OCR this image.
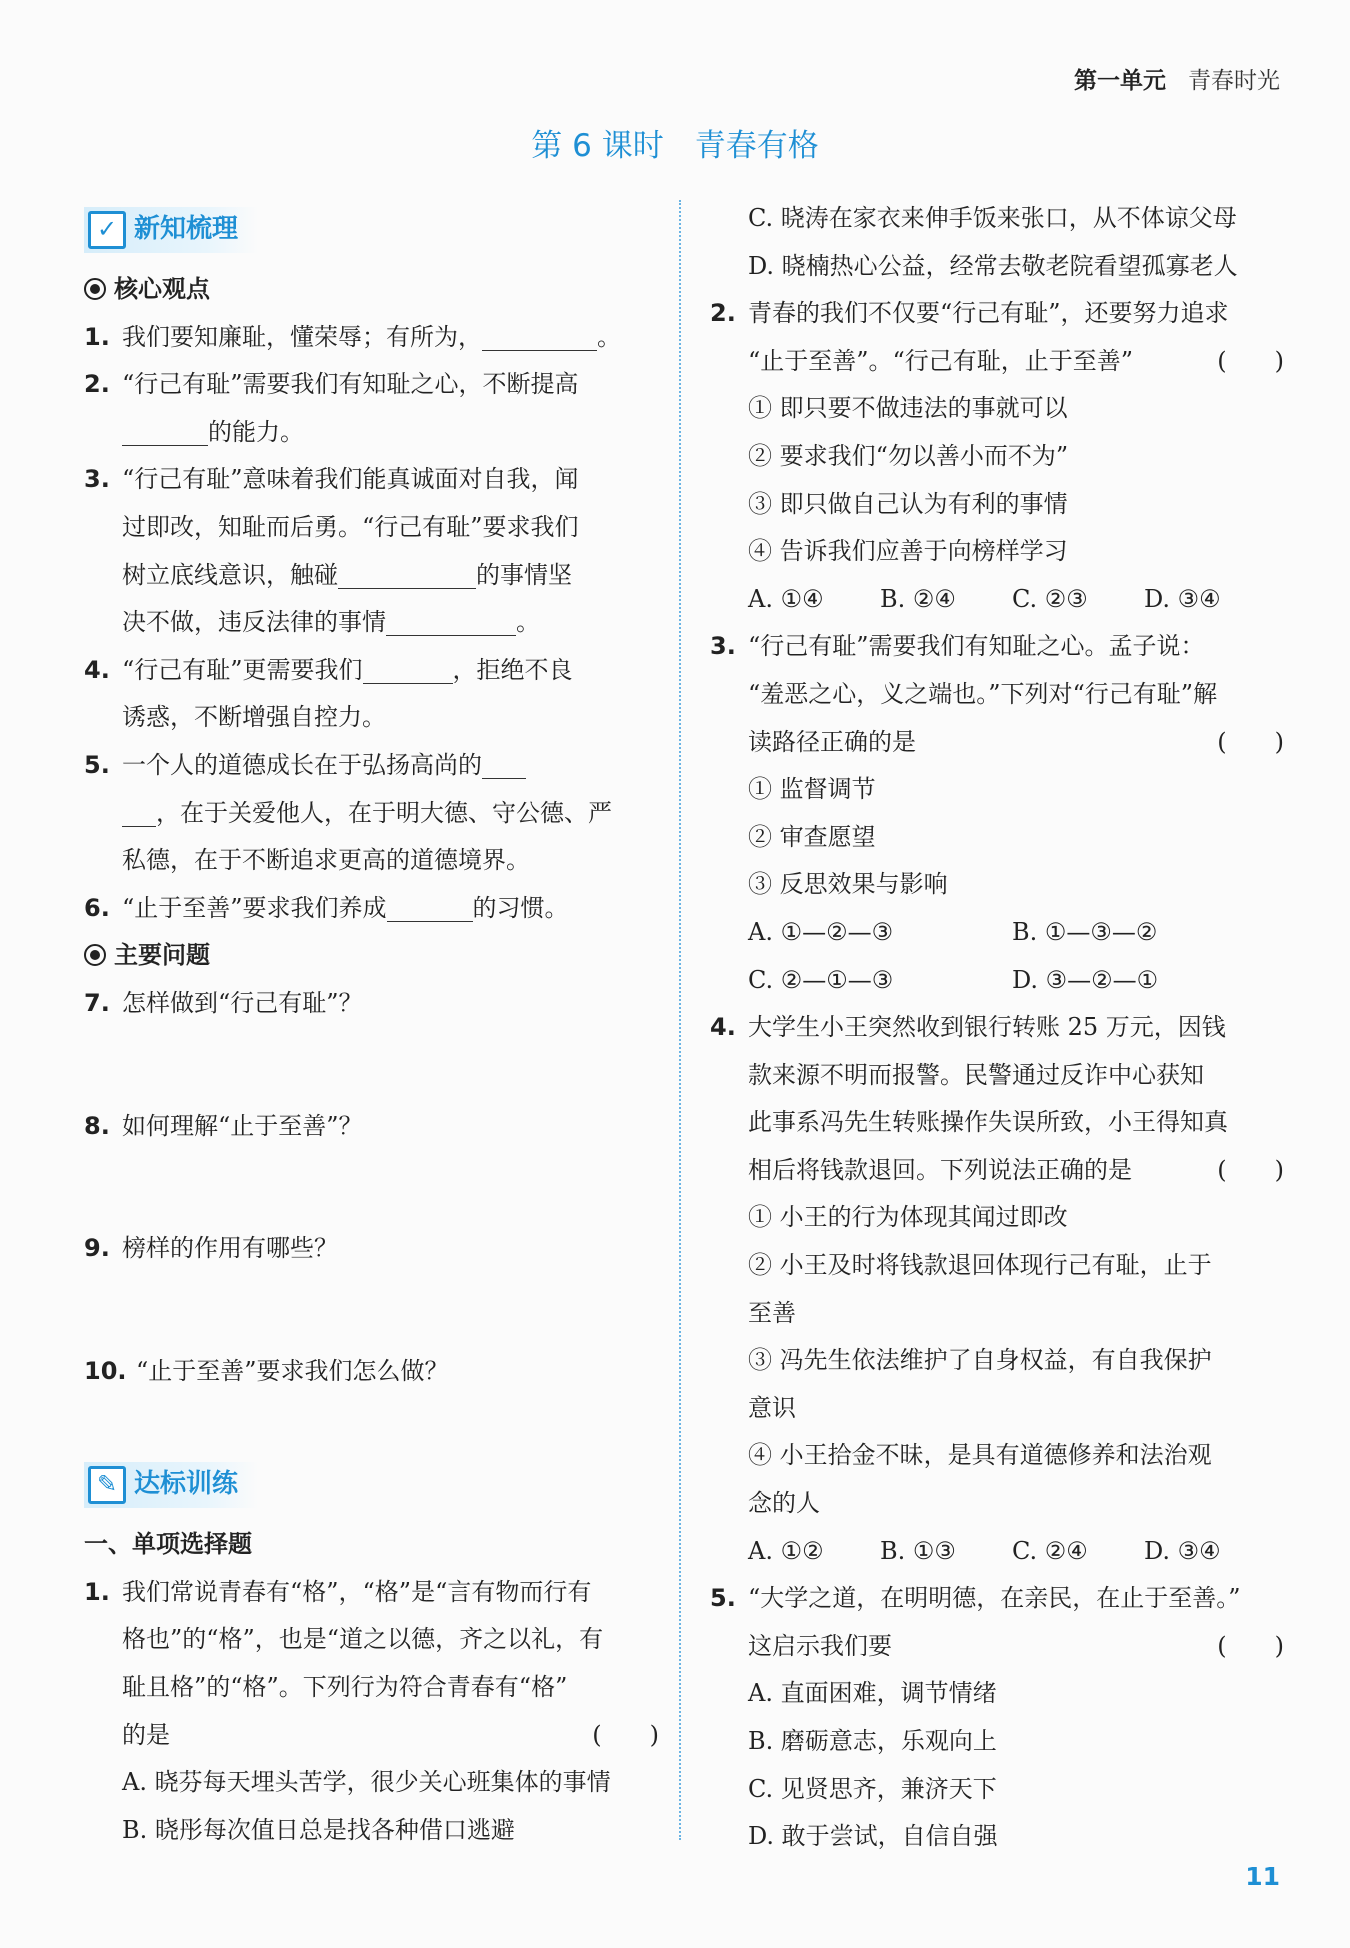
第一单元 青春时光
第 6 课时　青春有格
✓ 新知梳理
核心观点
1. 我们要知廉耻，懂荣辱；有所为，	。
2. “行己有耻”需要我们有知耻之心，不断提高
的能力。
3. “行己有耻”意味着我们能真诚面对自我，闻
过即改，知耻而后勇。“行己有耻”要求我们
树立底线意识，触碰	的事情坚
决不做，违反法律的事情	。
4. “行己有耻”更需要我们	，拒绝不良
诱惑，不断增强自控力。
5. 一个人的道德成长在于弘扬高尚的
，在于关爱他人，在于明大德、守公德、严
私德，在于不断追求更高的道德境界。
6. “止于至善”要求我们养成	的习惯。
主要问题
7. 怎样做到“行己有耻”？
8. 如何理解“止于至善”？
9. 榜样的作用有哪些？
10. “止于至善”要求我们怎么做？
✎ 达标训练
一、单项选择题
1. 我们常说青春有“格”，“格”是“言有物而行有
格也”的“格”，也是“道之以德，齐之以礼，有
耻且格”的“格”。下列行为符合青春有“格”
的是	(　　)
A. 晓芬每天埋头苦学，很少关心班集体的事情
B. 晓彤每次值日总是找各种借口逃避
C. 晓涛在家衣来伸手饭来张口，从不体谅父母
D. 晓楠热心公益，经常去敬老院看望孤寡老人
2. 青春的我们不仅要“行己有耻”，还要努力追求
“止于至善”。“行己有耻，止于至善”	(　　)
① 即只要不做违法的事就可以
② 要求我们“勿以善小而不为”
③ 即只做自己认为有利的事情
④ 告诉我们应善于向榜样学习
A. ①④ B. ②④ C. ②③ D. ③④
3. “行己有耻”需要我们有知耻之心。孟子说：
“羞恶之心，义之端也。”下列对“行己有耻”解
读路径正确的是	(　　)
① 监督调节
② 审查愿望
③ 反思效果与影响
A. ①—②—③	B. ①—③—②
C. ②—①—③	D. ③—②—①
4. 大学生小王突然收到银行转账 25 万元，因钱
款来源不明而报警。民警通过反诈中心获知
此事系冯先生转账操作失误所致，小王得知真
相后将钱款退回。下列说法正确的是	(　　)
① 小王的行为体现其闻过即改
② 小王及时将钱款退回体现行己有耻，止于
至善
③ 冯先生依法维护了自身权益，有自我保护
意识
④ 小王拾金不昧，是具有道德修养和法治观
念的人
A. ①② B. ①③ C. ②④ D. ③④
5. “大学之道，在明明德，在亲民，在止于至善。”
这启示我们要	(　　)
A. 直面困难，调节情绪
B. 磨砺意志，乐观向上
C. 见贤思齐，兼济天下
D. 敢于尝试，自信自强
11
